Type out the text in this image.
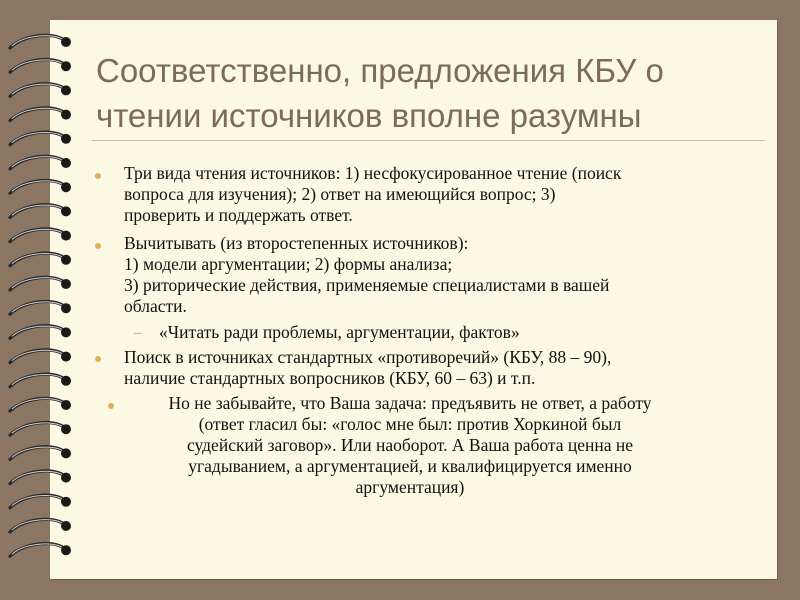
Соответственно, предложения КБУ о
чтении источников вполне разумны
Три вида чтения источников: 1) несфокусированное чтение (поиск
вопроса для изучения); 2) ответ на имеющийся вопрос; 3)
проверить и поддержать ответ.
Вычитывать (из второстепенных источников):
1) модели аргументации; 2) формы анализа;
3) риторические действия, применяемые специалистами в вашей
области.
– «Читать ради проблемы, аргументации, фактов»
Поиск в источниках стандартных «противоречий» (КБУ, 88 – 90),
наличие стандартных вопросников (КБУ, 60 – 63) и т.п.
Но не забывайте, что Ваша задача: предъявить не ответ, а работу
(ответ гласил бы: «голос мне был: против Хоркиной был
судейский заговор». Или наоборот. А Ваша работа ценна не
угадыванием, а аргументацией, и квалифицируется именно
аргументация)
